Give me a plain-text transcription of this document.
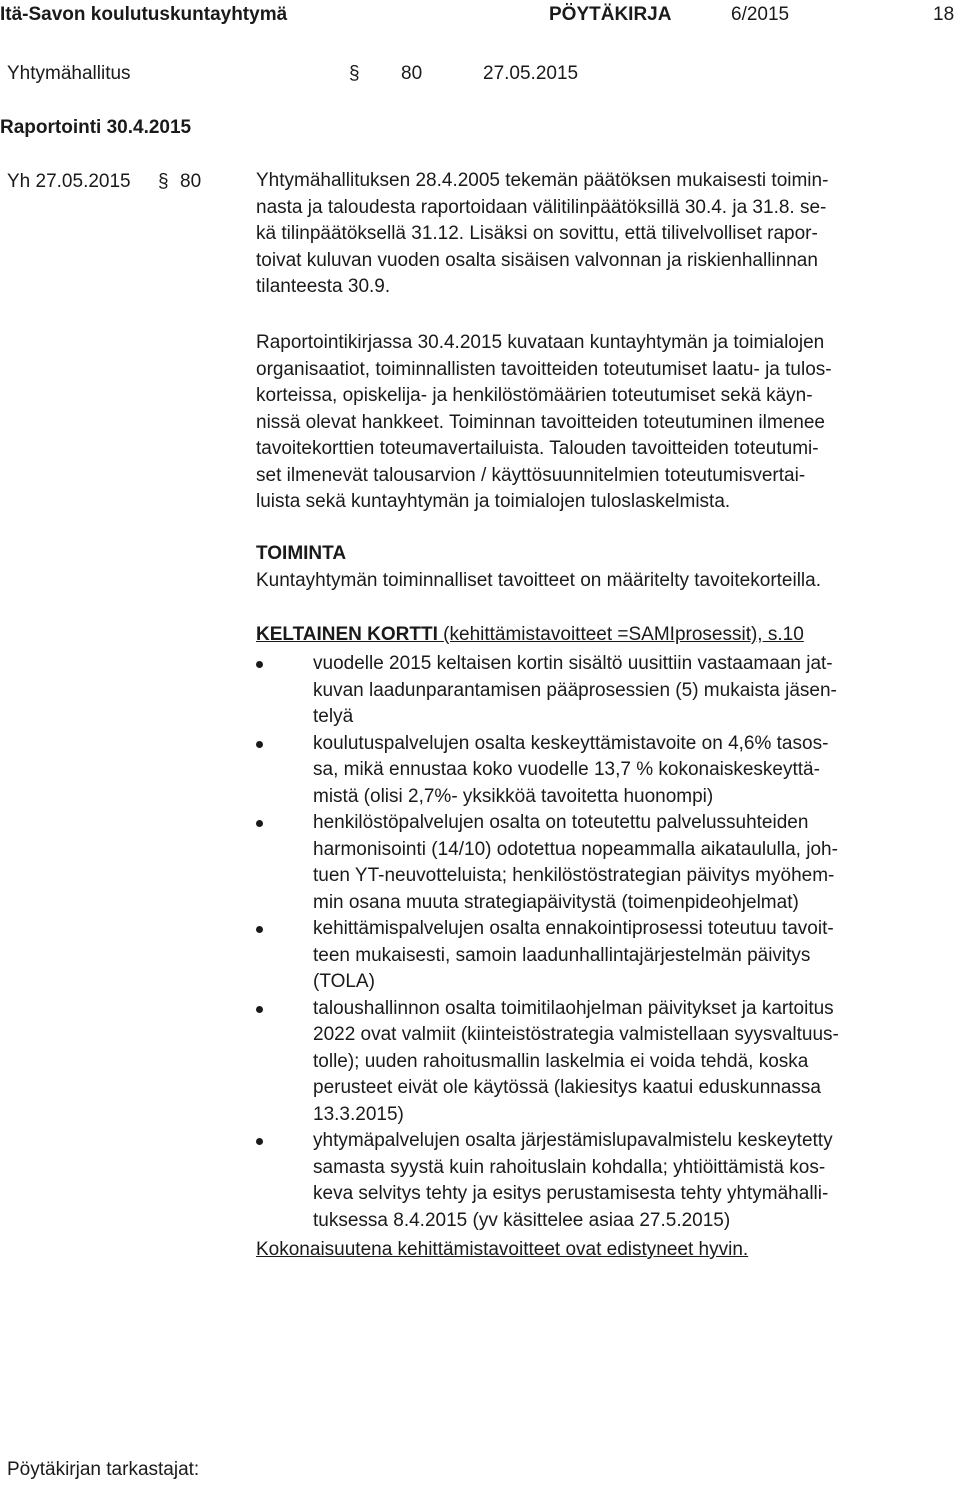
Itä-Savon koulutuskuntayhtymä	PÖYTÄKIRJA	6/2015	18
Yhtymähallitus	§ 80	27.05.2015
Raportointi 30.4.2015
Yh 27.05.2015 § 80	Yhtymähallituksen 28.4.2005 tekemän päätöksen mukaisesti toimin-
nasta ja taloudesta raportoidaan välitilinpäätöksillä 30.4. ja 31.8. se-
kä tilinpäätöksellä 31.12. Lisäksi on sovittu, että tilivelvolliset rapor-
toivat kuluvan vuoden osalta sisäisen valvonnan ja riskienhallinnan
tilanteesta 30.9.
Raportointikirjassa 30.4.2015 kuvataan kuntayhtymän ja toimialojen
organisaatiot, toiminnallisten tavoitteiden toteutumiset laatu- ja tulos-
korteissa, opiskelija- ja henkilöstömäärien toteutumiset sekä käyn-
nissä olevat hankkeet. Toiminnan tavoitteiden toteutuminen ilmenee
tavoitekorttien toteumavertailuista. Talouden tavoitteiden toteutumi-
set ilmenevät talousarvion / käyttösuunnitelmien toteutumisvertai-
luista sekä kuntayhtymän ja toimialojen tuloslaskelmista.
TOIMINTA
Kuntayhtymän toiminnalliset tavoitteet on määritelty tavoitekorteilla.
KELTAINEN KORTTI (kehittämistavoitteet =SAMIprosessit), s.10
vuodelle 2015 keltaisen kortin sisältö uusittiin vastaamaan jat-
kuvan laadunparantamisen pääprosessien (5) mukaista jäsen-
telyä
koulutuspalvelujen osalta keskeyttämistavoite on 4,6% tasos-
sa, mikä ennustaa koko vuodelle 13,7 % kokonaiskeskeyttä-
mistä (olisi 2,7%- yksikköä tavoitetta huonompi)
henkilöstöpalvelujen osalta on toteutettu palvelussuhteiden
harmonisointi (14/10) odotettua nopeammalla aikataululla, joh-
tuen YT-neuvotteluista; henkilöstöstrategian päivitys myöhem-
min osana muuta strategiapäivitystä (toimenpideohjelmat)
kehittämispalvelujen osalta ennakointiprosessi toteutuu tavoit-
teen mukaisesti, samoin laadunhallintajärjestelmän päivitys
(TOLA)
taloushallinnon osalta toimitilaohjelman päivitykset ja kartoitus
2022 ovat valmiit (kiinteistöstrategia valmistellaan syysvaltuus-
tolle); uuden rahoitusmallin laskelmia ei voida tehdä, koska
perusteet eivät ole käytössä (lakiesitys kaatui eduskunnassa
13.3.2015)
yhtymäpalvelujen osalta järjestämislupavalmistelu keskeytetty
samasta syystä kuin rahoituslain kohdalla; yhtiöittämistä kos-
keva selvitys tehty ja esitys perustamisesta tehty yhtymähalli-
tuksessa 8.4.2015 (yv käsittelee asiaa 27.5.2015)
Kokonaisuutena kehittämistavoitteet ovat edistyneet hyvin.
Pöytäkirjan tarkastajat:
